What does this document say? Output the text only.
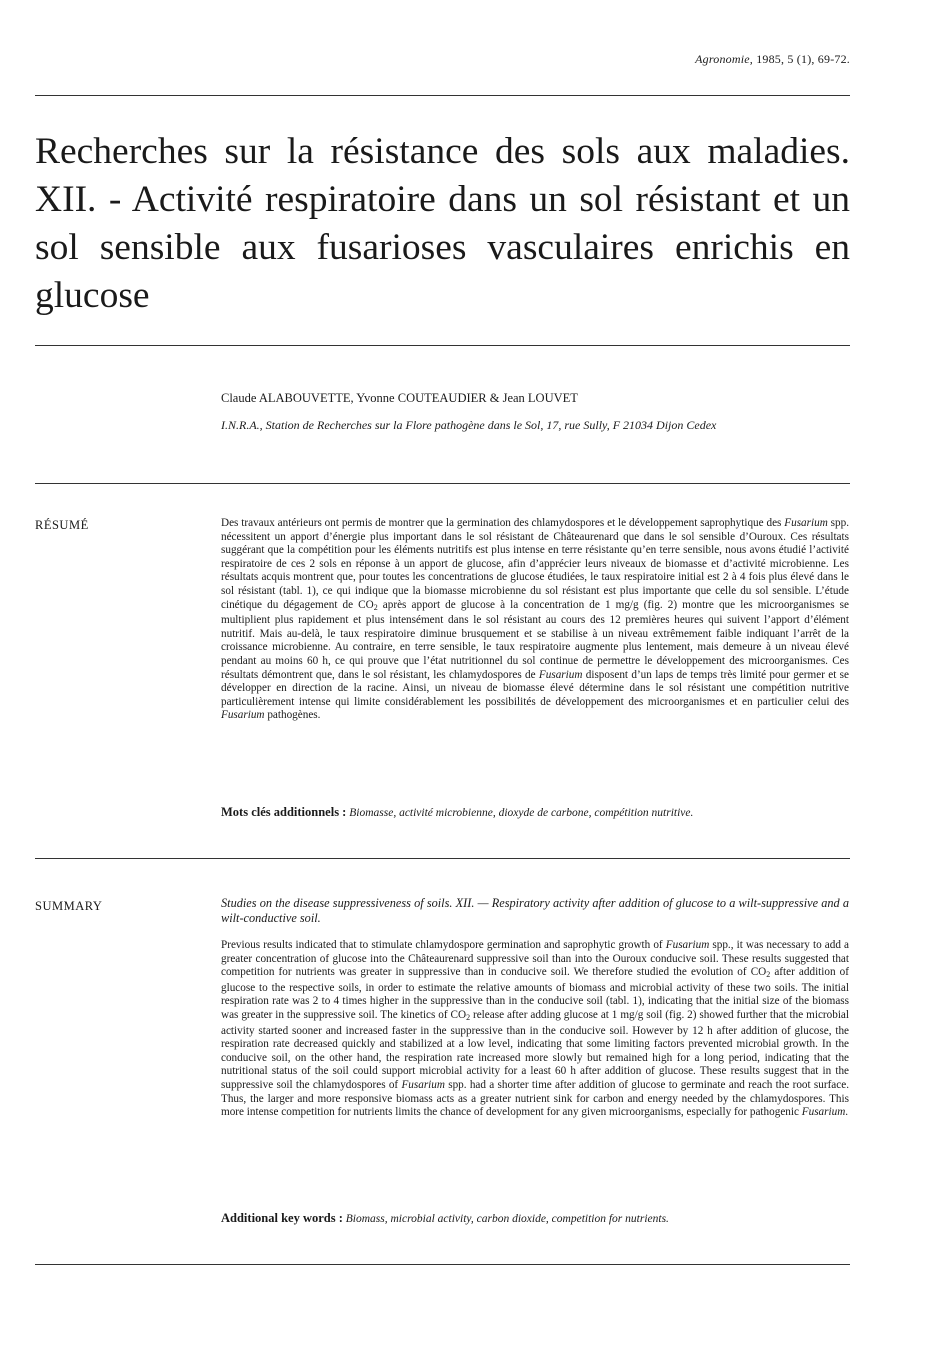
Agronomie, 1985, 5 (1), 69-72.
Recherches sur la résistance des sols aux maladies. XII. - Activité respiratoire dans un sol résistant et un sol sensible aux fusarioses vasculaires enrichis en glucose
Claude ALABOUVETTE, Yvonne COUTEAUDIER & Jean LOUVET
I.N.R.A., Station de Recherches sur la Flore pathogène dans le Sol, 17, rue Sully, F 21034 Dijon Cedex
RÉSUMÉ	Des travaux antérieurs ont permis de montrer que la germination des chlamydospores et le développement saprophytique des Fusarium spp. nécessitent un apport d’énergie plus important dans le sol résistant de Châteaurenard que dans le sol sensible d’Ouroux. Ces résultats suggérant que la compétition pour les éléments nutritifs est plus intense en terre résistante qu’en terre sensible, nous avons étudié l’activité respiratoire de ces 2 sols en réponse à un apport de glucose, afin d’apprécier leurs niveaux de biomasse et d’activité microbienne. Les résultats acquis montrent que, pour toutes les concentrations de glucose étudiées, le taux respiratoire initial est 2 à 4 fois plus élevé dans le sol résistant (tabl. 1), ce qui indique que la biomasse microbienne du sol résistant est plus importante que celle du sol sensible. L’étude cinétique du dégagement de $CO_2$ après apport de glucose à la concentration de 1 mg/g (fig. 2) montre que les microorganismes se multiplient plus rapidement et plus intensément dans le sol résistant au cours des 12 premières heures qui suivent l’apport d’élément nutritif. Mais au-delà, le taux respiratoire diminue brusquement et se stabilise à un niveau extrêmement faible indiquant l’arrêt de la croissance microbienne. Au contraire, en terre sensible, le taux respiratoire augmente plus lentement, mais demeure à un niveau élevé pendant au moins 60 h, ce qui prouve que l’état nutritionnel du sol continue de permettre le développement des microorganismes. Ces résultats démontrent que, dans le sol résistant, les chlamydospores de Fusarium disposent d’un laps de temps très limité pour germer et se développer en direction de la racine. Ainsi, un niveau de biomasse élevé détermine dans le sol résistant une compétition nutritive particulièrement intense qui limite considérablement les possibilités de développement des microorganismes et en particulier celui des Fusarium pathogènes.

Mots clés additionnels : Biomasse, activité microbienne, dioxyde de carbone, compétition nutritive.
SUMMARY	Studies on the disease suppressiveness of soils. XII. — Respiratory activity after addition of glucose to a wilt-suppressive and a wilt-conductive soil.

Previous results indicated that to stimulate chlamydospore germination and saprophytic growth of Fusarium spp., it was necessary to add a greater concentration of glucose into the Châteaurenard suppressive soil than into the Ouroux conducive soil. These results suggested that competition for nutrients was greater in suppressive than in conducive soil. We therefore studied the evolution of $CO_2$ after addition of glucose to the respective soils, in order to estimate the relative amounts of biomass and microbial activity of these two soils. The initial respiration rate was 2 to 4 times higher in the suppressive than in the conducive soil (tabl. 1), indicating that the initial size of the biomass was greater in the suppressive soil. The kinetics of $CO_2$ release after adding glucose at 1 mg/g soil (fig. 2) showed further that the microbial activity started sooner and increased faster in the suppressive than in the conducive soil. However by 12 h after addition of glucose, the respiration rate decreased quickly and stabilized at a low level, indicating that some limiting factors prevented microbial growth. In the conducive soil, on the other hand, the respiration rate increased more slowly but remained high for a long period, indicating that the nutritional status of the soil could support microbial activity for a least 60 h after addition of glucose. These results suggest that in the suppressive soil the chlamydospores of Fusarium spp. had a shorter time after addition of glucose to germinate and reach the root surface. Thus, the larger and more responsive biomass acts as a greater nutrient sink for carbon and energy needed by the chlamydospores. This more intense competition for nutrients limits the chance of development for any given microorganisms, especially for pathogenic Fusarium.

Additional key words : Biomass, microbial activity, carbon dioxide, competition for nutrients.
